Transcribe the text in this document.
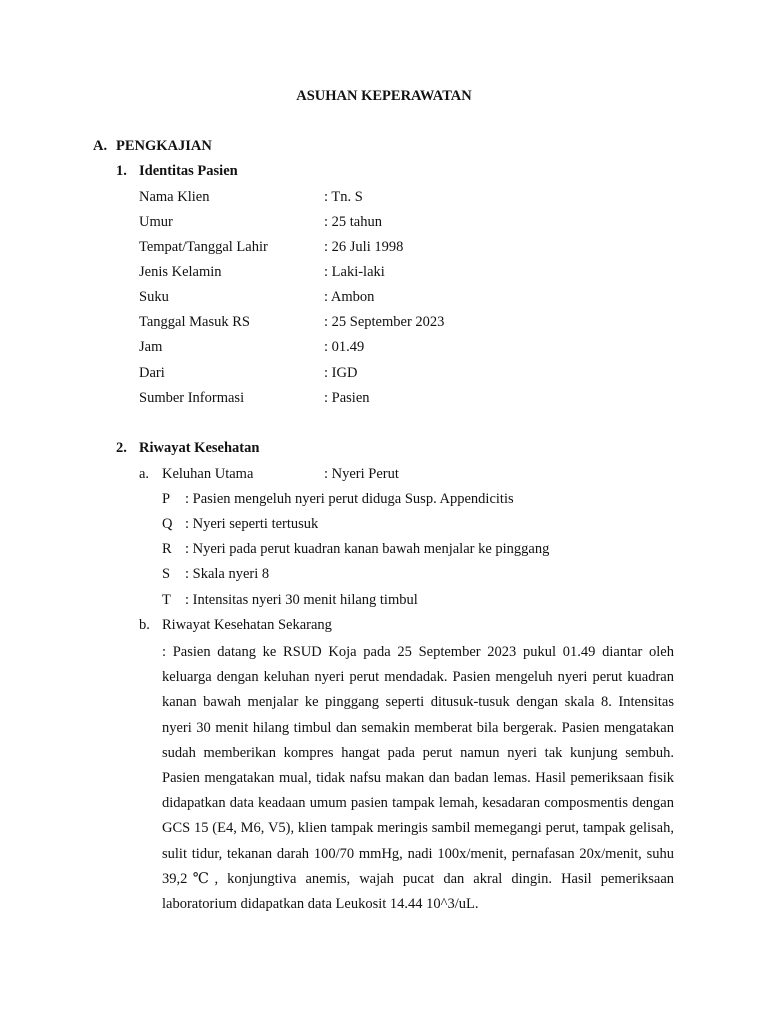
ASUHAN KEPERAWATAN
A. PENGKAJIAN
1. Identitas Pasien
Nama Klien	: Tn. S
Umur	: 25 tahun
Tempat/Tanggal Lahir	: 26 Juli 1998
Jenis Kelamin	: Laki-laki
Suku	: Ambon
Tanggal Masuk RS	: 25 September 2023
Jam	: 01.49
Dari	: IGD
Sumber Informasi	: Pasien
2. Riwayat Kesehatan
a. Keluhan Utama	: Nyeri Perut
P : Pasien mengeluh nyeri perut diduga Susp. Appendicitis
Q : Nyeri seperti tertusuk
R : Nyeri pada perut kuadran kanan bawah menjalar ke pinggang
S : Skala nyeri 8
T : Intensitas nyeri 30 menit hilang timbul
b. Riwayat Kesehatan Sekarang
: Pasien datang ke RSUD Koja pada 25 September 2023 pukul 01.49 diantar oleh keluarga dengan keluhan nyeri perut mendadak. Pasien mengeluh nyeri perut kuadran kanan bawah menjalar ke pinggang seperti ditusuk-tusuk dengan skala 8. Intensitas nyeri 30 menit hilang timbul dan semakin memberat bila bergerak. Pasien mengatakan sudah memberikan kompres hangat pada perut namun nyeri tak kunjung sembuh. Pasien mengatakan mual, tidak nafsu makan dan badan lemas. Hasil pemeriksaan fisik didapatkan data keadaan umum pasien tampak lemah, kesadaran composmentis dengan GCS 15 (E4, M6, V5), klien tampak meringis sambil memegangi perut, tampak gelisah, sulit tidur, tekanan darah 100/70 mmHg, nadi 100x/menit, pernafasan 20x/menit, suhu 39,2℃, konjungtiva anemis, wajah pucat dan akral dingin. Hasil pemeriksaan laboratorium didapatkan data Leukosit 14.44 10^3/uL.
